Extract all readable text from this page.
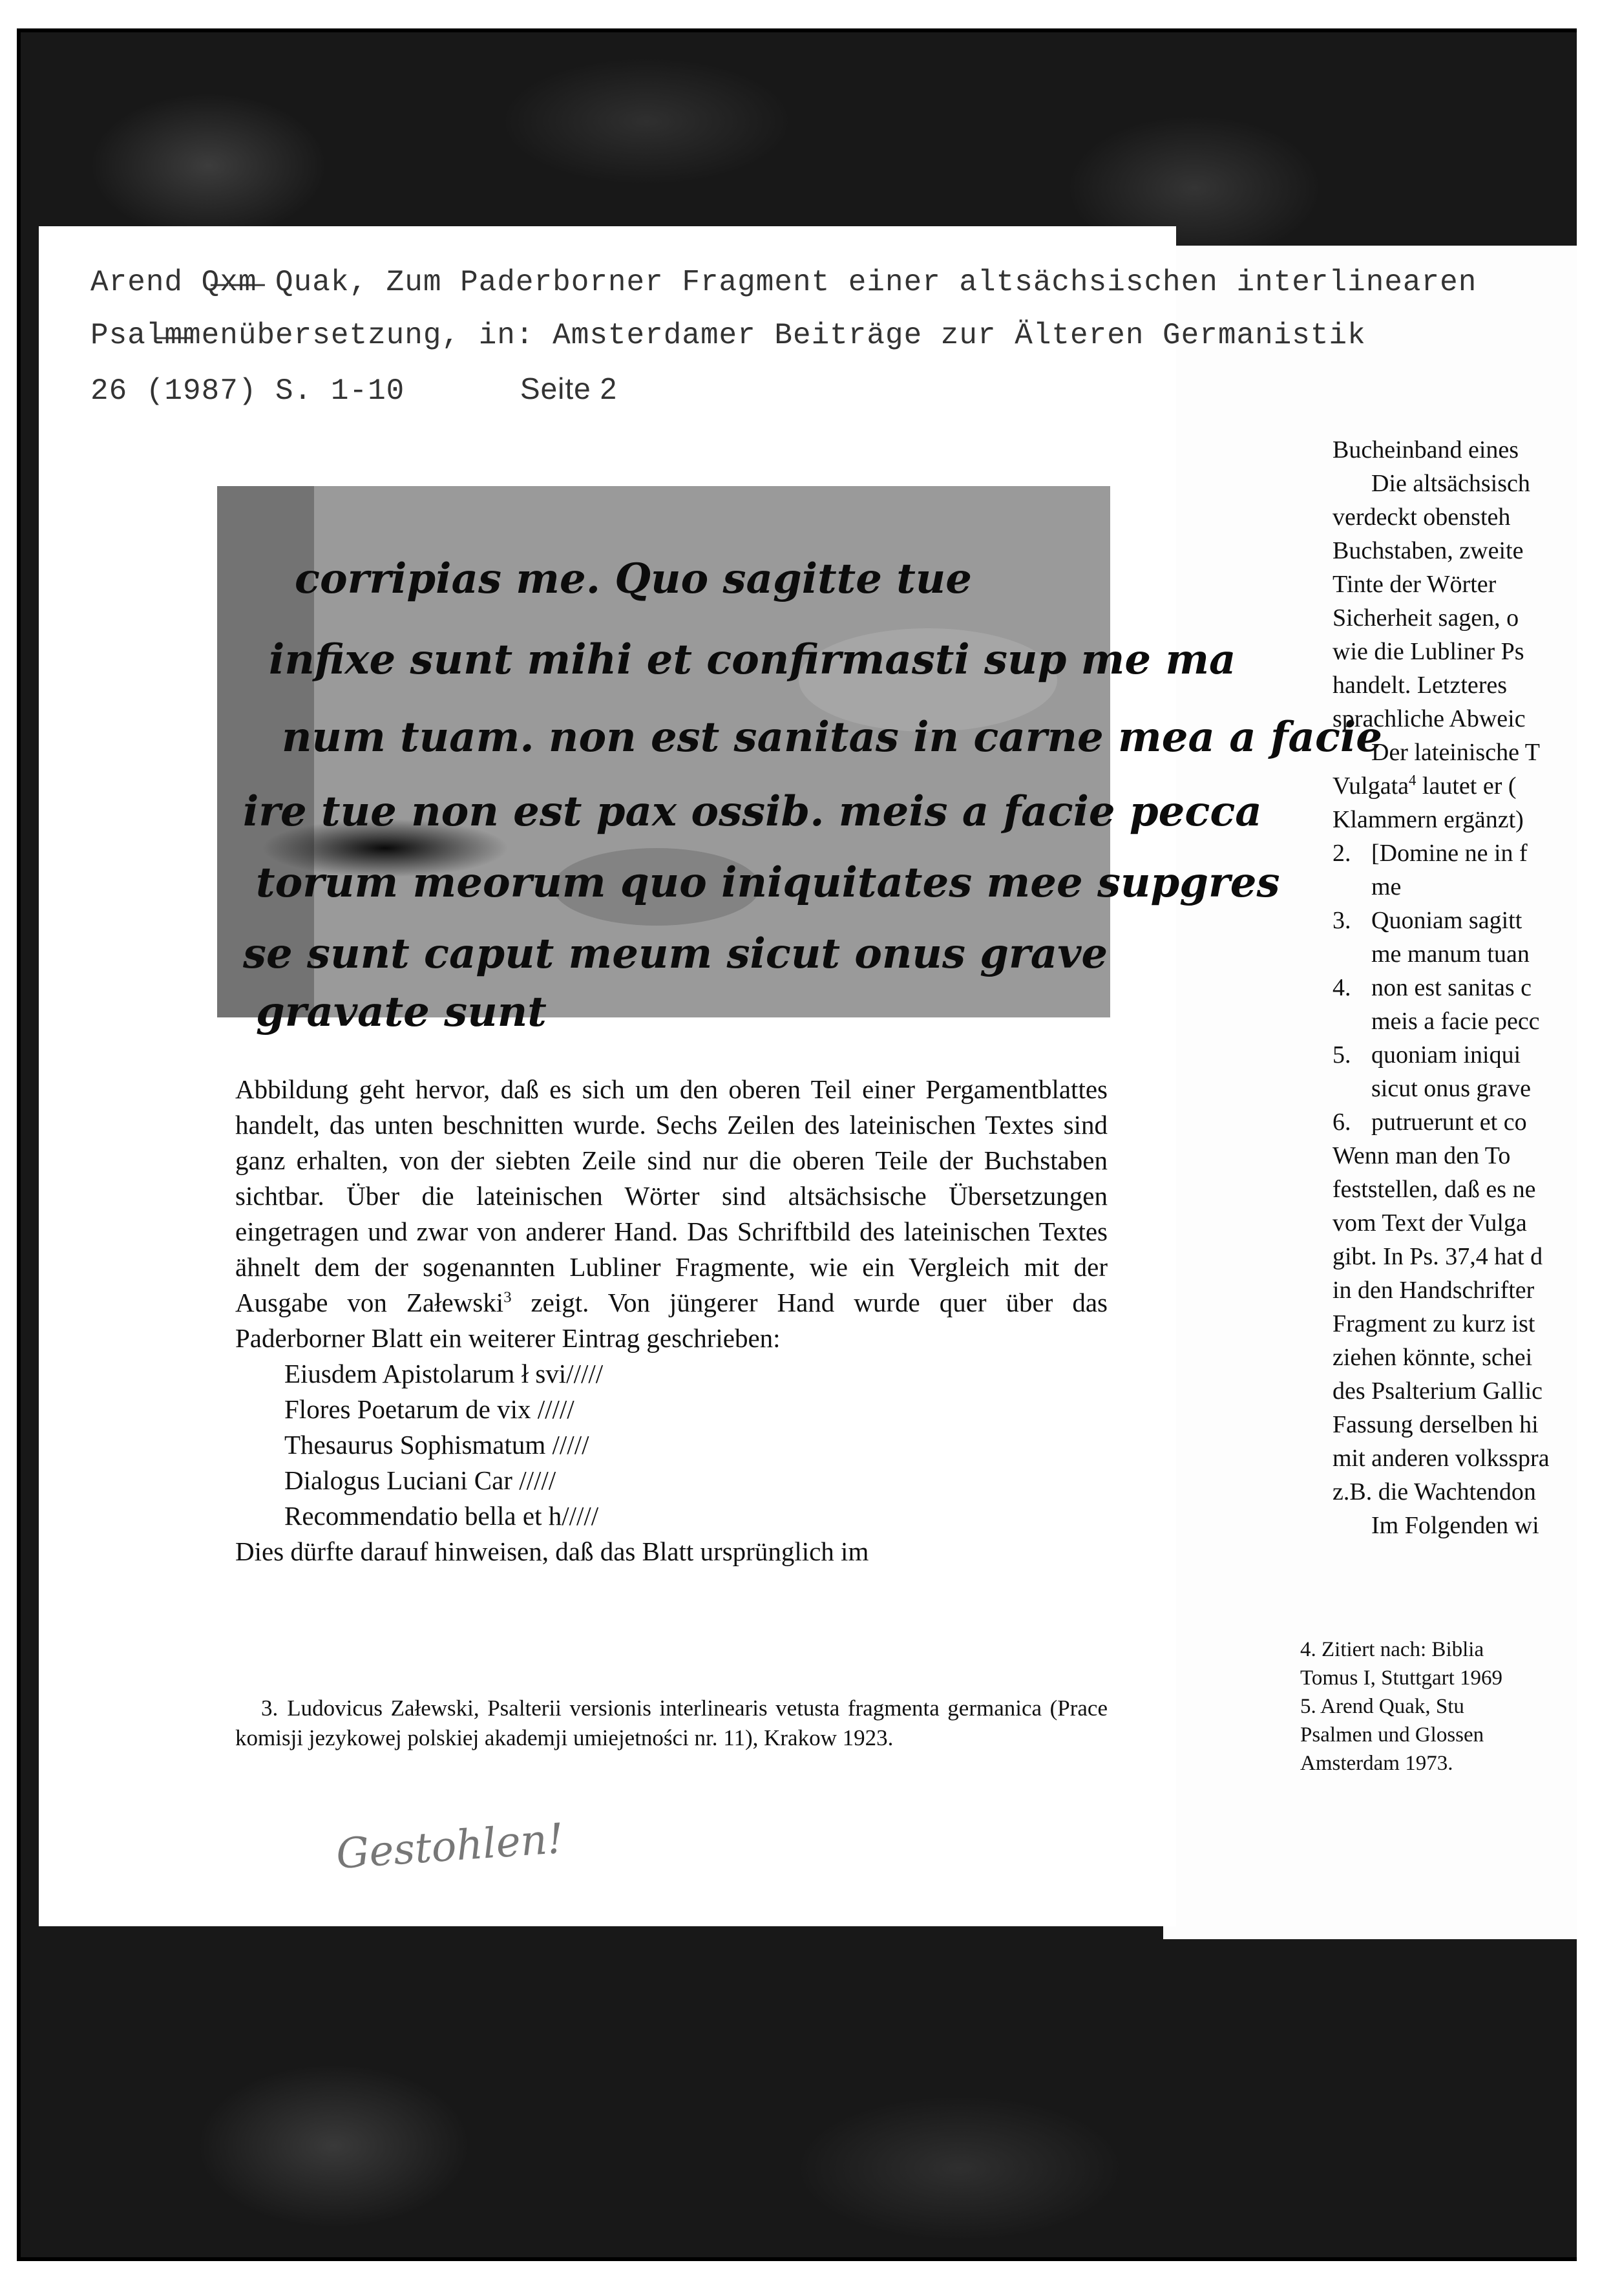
Arend Q̶x̶m̶ Quak, Zum Paderborner Fragment einer altsächsischen interlinearen
Psal̶m̶menübersetzung, in: Amsterdamer Beiträge zur Älteren Germanistik
26 (1987) S. 1-10	Seite 2
corripias me. Quo sagitte tue
infixe sunt mihi et confirmasti sup me ma
num tuam. non est sanitas in carne mea a facie
ire tue non est pax ossib. meis a facie pecca
torum meorum quo iniquitates mee supgres
se sunt caput meum sicut onus grave
gravate sunt

Abbildung geht hervor, daß es sich um den oberen Teil einer Pergamentblattes handelt, das unten beschnitten wurde. Sechs Zeilen des lateinischen Textes sind ganz erhalten, von der siebten Zeile sind nur die oberen Teile der Buchstaben sichtbar. Über die lateinischen Wörter sind altsächsische Übersetzungen eingetragen und zwar von anderer Hand. Das Schriftbild des lateinischen Textes ähnelt dem der sogenannten Lubliner Fragmente, wie ein Vergleich mit der Ausgabe von Załewski$^3$ zeigt. Von jüngerer Hand wurde quer über das Paderborner Blatt ein weiterer Eintrag geschrieben:

Eiusdem Apistolarum ł svi/////
Flores Poetarum de vix /////
Thesaurus Sophismatum /////
Dialogus Luciani Car /////
Recommendatio bella et h/////

Dies dürfte darauf hinweisen, daß das Blatt ursprünglich im

3. Ludovicus Załewski, Psalterii versionis interlinearis vetusta fragmenta germanica (Prace komisji jezykowej polskiej akademji umiejetności nr. 11), Krakow 1923.
Gestohlen!
Bucheinband eines
Die altsächsisch
verdeckt obensteh
Buchstaben, zweite
Tinte der Wörter
Sicherheit sagen, o
wie die Lubliner Ps
handelt. Letzteres
sprachliche Abweic
Der lateinische T
Vulgata$^4$ lautet er (
Klammern ergänzt)
2. [Domine ne in f
me
3. Quoniam sagitt
me manum tuan
4. non est sanitas c
meis a facie pecc
5. quoniam iniqui
sicut onus grave
6. putruerunt et co
Wenn man den To
feststellen, daß es ne
vom Text der Vulga
gibt. In Ps. 37,4 hat d
in den Handschrifter
Fragment zu kurz ist
ziehen könnte, schei
des Psalterium Gallic
Fassung derselben hi
mit anderen volksspra
z.B. die Wachtendon
Im Folgenden wi
4. Zitiert nach: Biblia
Tomus I, Stuttgart 1969
5. Arend Quak, Stu
Psalmen und Glossen
Amsterdam 1973.
